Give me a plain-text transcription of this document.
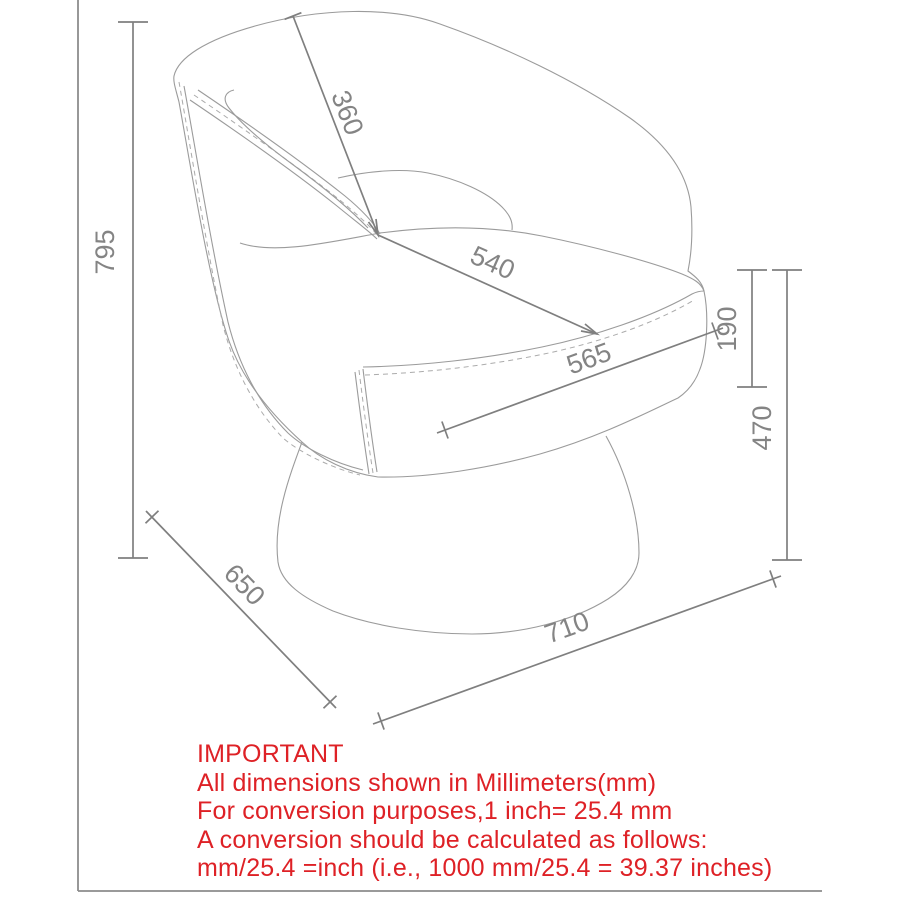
795
360
540
565
190
470
650
710
IMPORTANT
All dimensions shown in Millimeters(mm)
For conversion purposes,1 inch= 25.4 mm
A conversion should be calculated as follows:
mm/25.4 =inch (i.e., 1000 mm/25.4 = 39.37 inches)
